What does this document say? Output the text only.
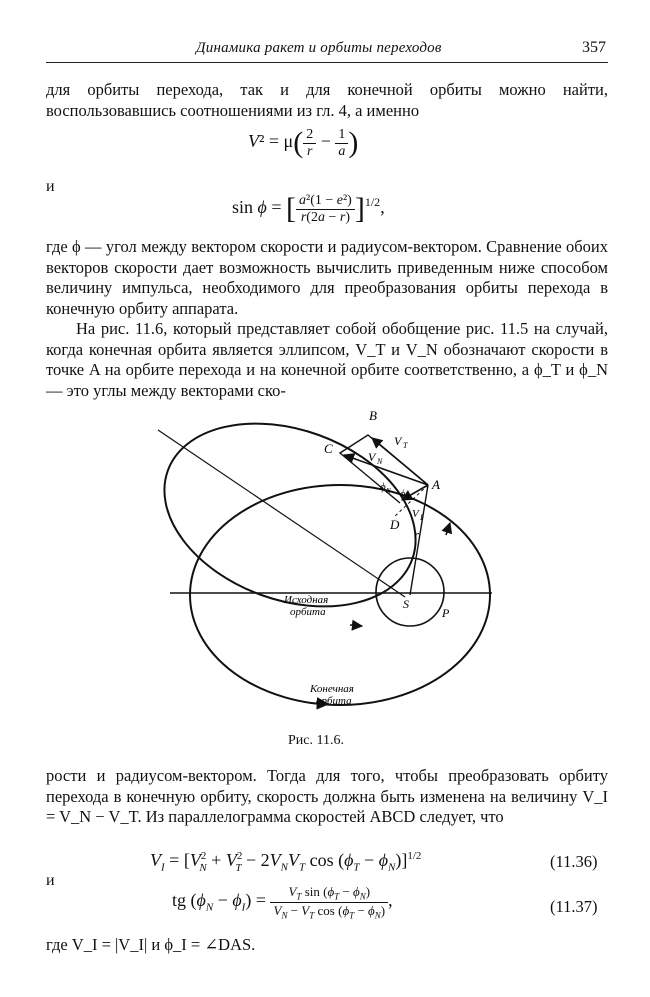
Динамика ракет и орбиты переходов	357

для орбиты перехода, так и для конечной орбиты можно найти, воспользовавшись соотношениями из гл. 4, а именно

$V^2 = \mu( \frac{2}{r} - \frac{1}{a}$ )
и
sin ϕ = [ $\frac{\text{a²(1 − e²)}}{r(2a - r)} ]^{1/2}$,

где ϕ — угол между вектором скорости и радиусом-вектором. Сравнение обоих векторов скорости дает возможность вычислить приведенным ниже способом величину импульса, необходимого для преобразования орбиты перехода в конечную орбиту аппарата.

На рис. 11.6, который представляет собой обобщение рис. 11.5 на случай, когда конечная орбита является эллипсом, V_T и V_N обозначают скорости в точке A на орбите перехода и на конечной орбите соответственно, а ϕ_T и ϕ_N — это углы между векторами ско-

B
C
A
D
S
P
r
V T
V N
V I
ϕ N ϕ T
Исходная
орбита
Конечная
орбита
Рис. 11.6.

рости и радиусом-вектором. Тогда для того, чтобы преобразовать орбиту перехода в конечную орбиту, скорость должна быть изменена на величину V_I = V_N − V_T. Из параллелограмма скоростей ABCD следует, что

$V_I = [V^2_N + V^2_T - 2V_NV_T$ $\cos (\phi_T - \phi_N)]^{1/2}$	(11.36)
и
tg $(\phi_N - \phi_I) = \frac{V_T \sin (\phi_T - \phi_N)}{V_N - V_T \cos (\phi_T - \phi_N)}$ ,	(11.37)

где V_I = |V_I| и ϕ_I = ∠DAS.
